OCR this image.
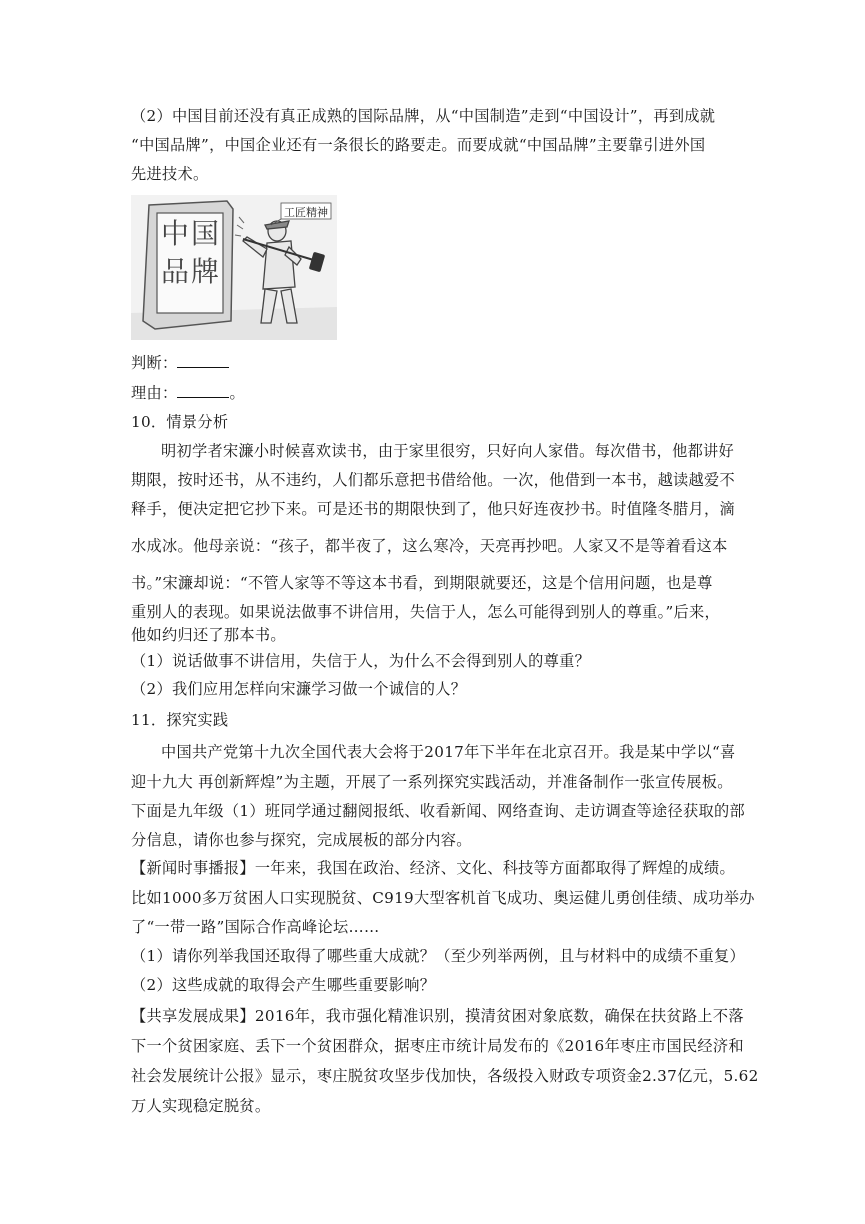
（2）中国目前还没有真正成熟的国际品牌，从“中国制造”走到“中国设计”，再到成就
“中国品牌”，中国企业还有一条很长的路要走。而要成就“中国品牌”主要靠引进外国
先进技术。
中 国
品 牌
工匠精神
判断：
理由：	。
10．情景分析
明初学者宋濂小时候喜欢读书，由于家里很穷，只好向人家借。每次借书，他都讲好
期限，按时还书，从不违约，人们都乐意把书借给他。一次，他借到一本书，越读越爱不
释手，便决定把它抄下来。可是还书的期限快到了，他只好连夜抄书。时值隆冬腊月，滴
水成冰。他母亲说：“孩子，都半夜了，这么寒冷，天亮再抄吧。人家又不是等着看这本
书。”宋濂却说：“不管人家等不等这本书看，到期限就要还，这是个信用问题，也是尊
重别人的表现。如果说法做事不讲信用，失信于人，怎么可能得到别人的尊重。”后来，
他如约归还了那本书。
（1）说话做事不讲信用，失信于人，为什么不会得到别人的尊重？
（2）我们应用怎样向宋濂学习做一个诚信的人？
11．探究实践
中国共产党第十九次全国代表大会将于2017年下半年在北京召开。我是某中学以“喜
迎十九大 再创新辉煌”为主题，开展了一系列探究实践活动，并准备制作一张宣传展板。
下面是九年级（1）班同学通过翻阅报纸、收看新闻、网络查询、走访调查等途径获取的部
分信息，请你也参与探究，完成展板的部分内容。
【新闻时事播报】一年来，我国在政治、经济、文化、科技等方面都取得了辉煌的成绩。
比如1000多万贫困人口实现脱贫、C919大型客机首飞成功、奥运健儿勇创佳绩、成功举办
了“一带一路”国际合作高峰论坛……
（1）请你列举我国还取得了哪些重大成就？（至少列举两例，且与材料中的成绩不重复）
（2）这些成就的取得会产生哪些重要影响？
【共享发展成果】2016年，我市强化精准识别，摸清贫困对象底数，确保在扶贫路上不落
下一个贫困家庭、丢下一个贫困群众，据枣庄市统计局发布的《2016年枣庄市国民经济和
社会发展统计公报》显示，枣庄脱贫攻坚步伐加快，各级投入财政专项资金2.37亿元，5.62
万人实现稳定脱贫。
